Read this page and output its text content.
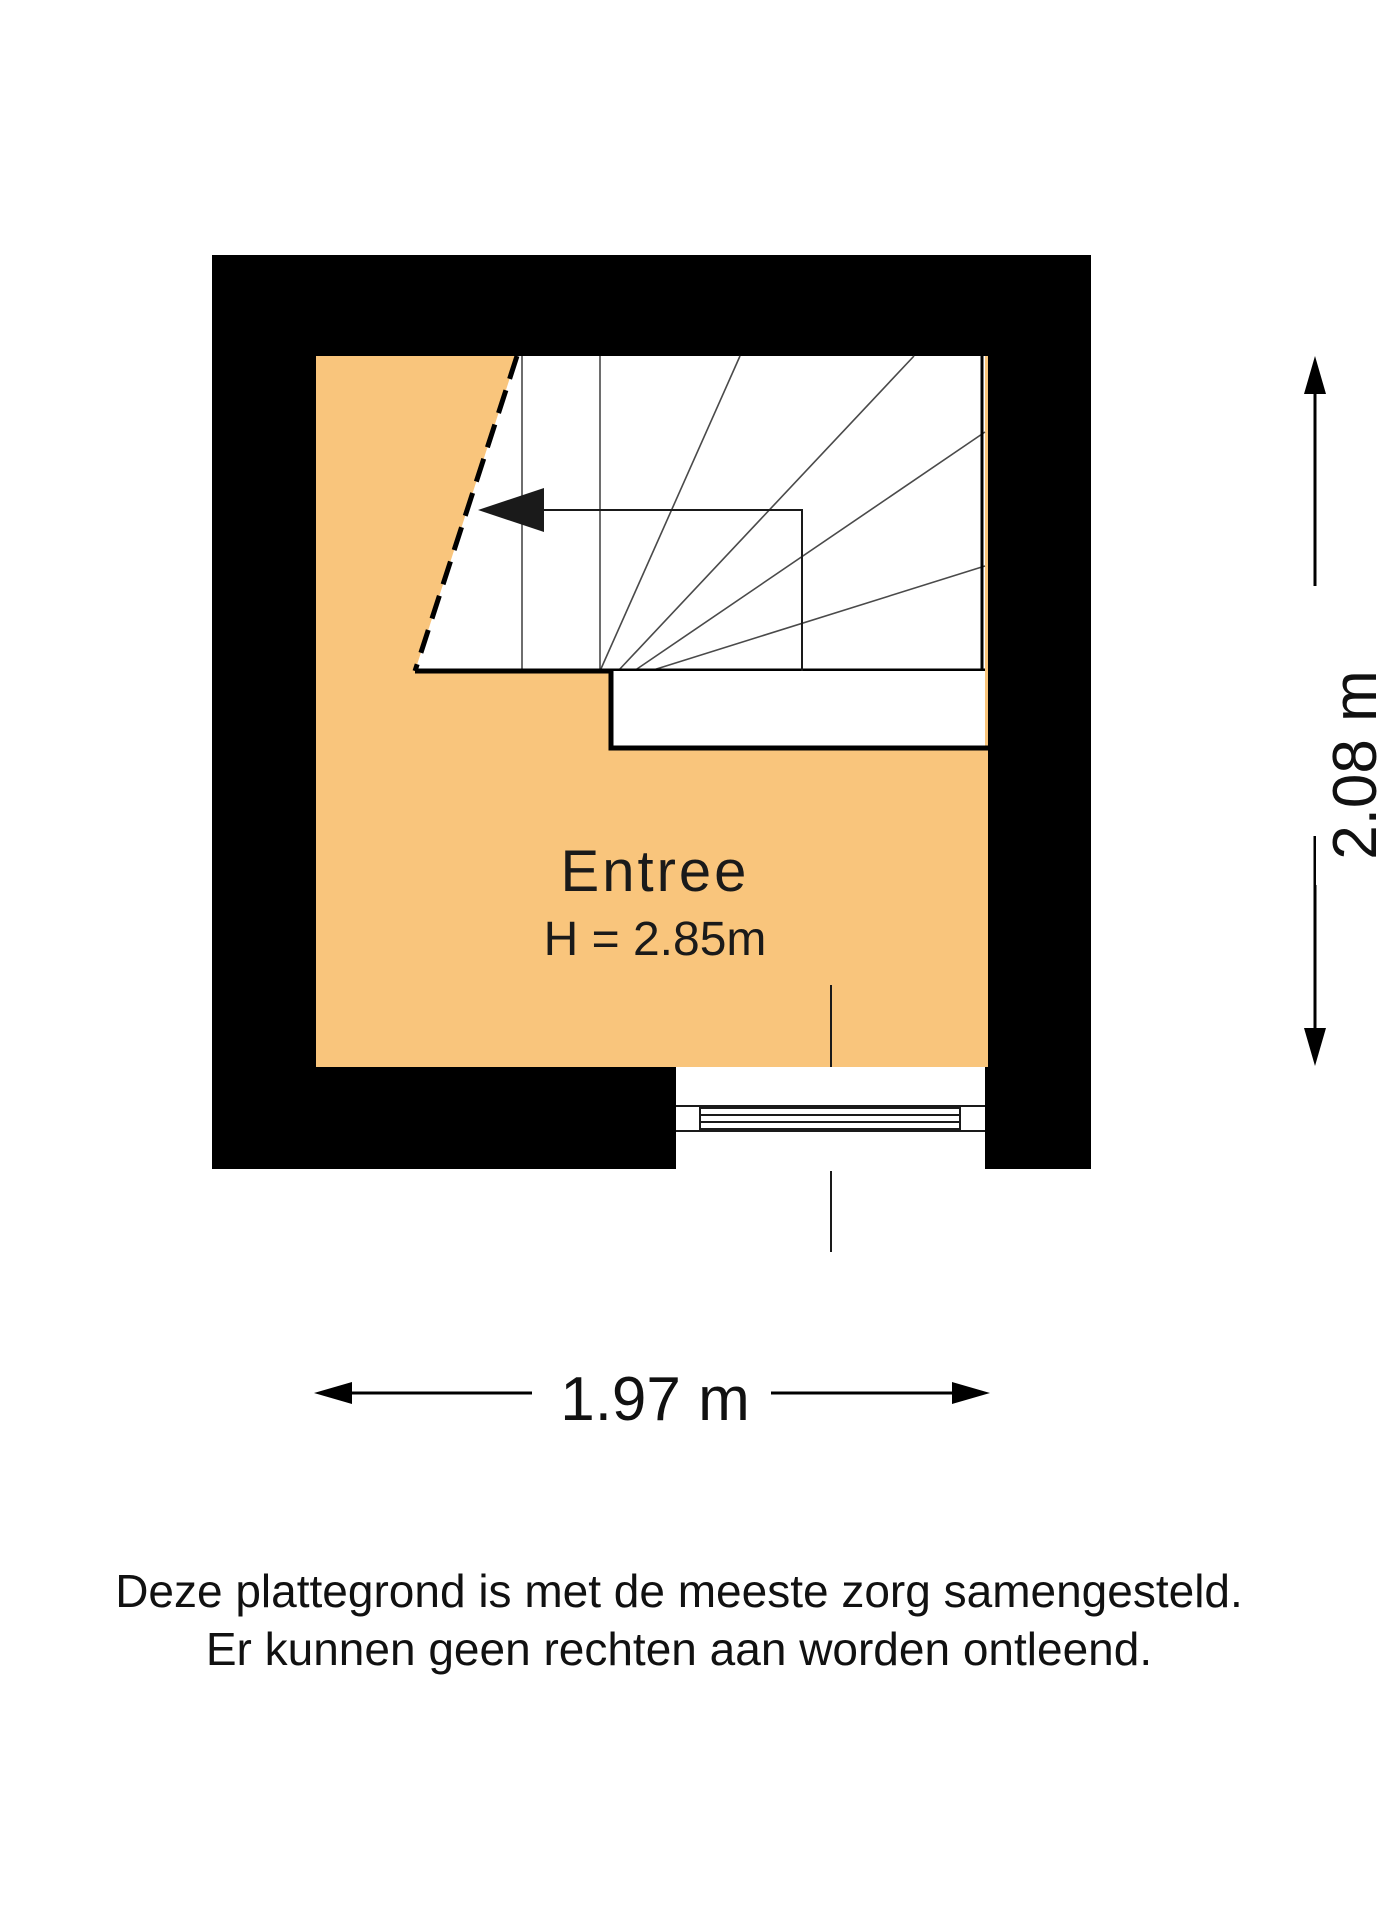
Entree
H = 2.85m
1.97 m
2.08 m
Deze plattegrond is met de meeste zorg samengesteld.
Er kunnen geen rechten aan worden ontleend.
